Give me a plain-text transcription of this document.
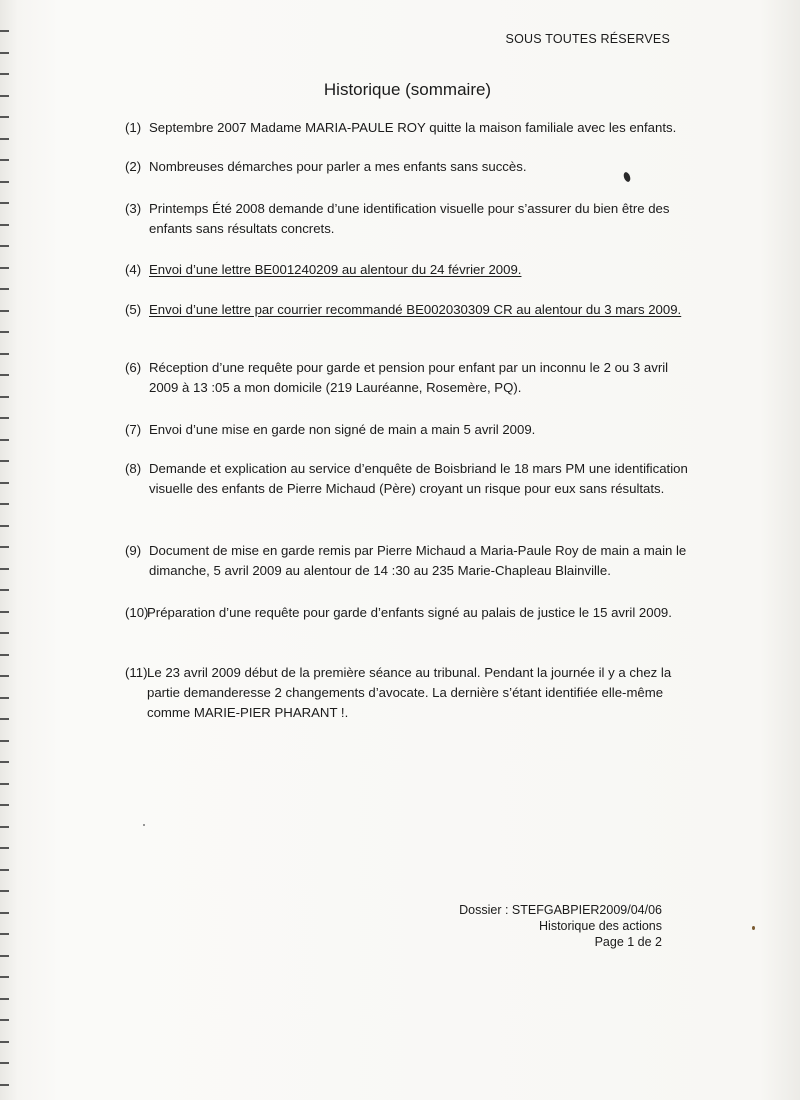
SOUS TOUTES RÉSERVES
Historique (sommaire)
(1) Septembre 2007 Madame MARIA-PAULE ROY quitte la maison familiale avec les enfants.
(2) Nombreuses démarches pour parler a mes enfants sans succès.
(3) Printemps Été 2008 demande d’une identification visuelle pour s’assurer du bien être des enfants sans résultats concrets.
(4) Envoi d’une lettre BE001240209 au alentour du 24 février 2009.
(5) Envoi d’une lettre par courrier recommandé BE002030309 CR au alentour du 3 mars 2009.
(6) Réception d’une requête pour garde et pension pour enfant par un inconnu le 2 ou 3 avril 2009 à 13 :05 a mon domicile (219 Lauréanne, Rosemère, PQ).
(7) Envoi d’une mise en garde non signé de main a main 5 avril 2009.
(8) Demande et explication au service d’enquête de Boisbriand le 18 mars PM une identification visuelle des enfants de Pierre Michaud (Père) croyant un risque pour eux sans résultats.
(9) Document de mise en garde remis par Pierre Michaud a Maria-Paule Roy de main a main le dimanche, 5 avril 2009 au alentour de 14 :30 au 235 Marie-Chapleau Blainville.
(10)
Préparation d’une requête pour garde d’enfants signé au palais de justice le 15 avril 2009.
(11) Le 23 avril 2009 début de la première séance au tribunal. Pendant la journée il y a chez la partie demanderesse 2 changements d’avocate. La dernière s’étant identifiée elle-même comme MARIE-PIER PHARANT !.
Dossier : STEFGABPIER2009/04/06
Historique des actions
Page 1 de 2
